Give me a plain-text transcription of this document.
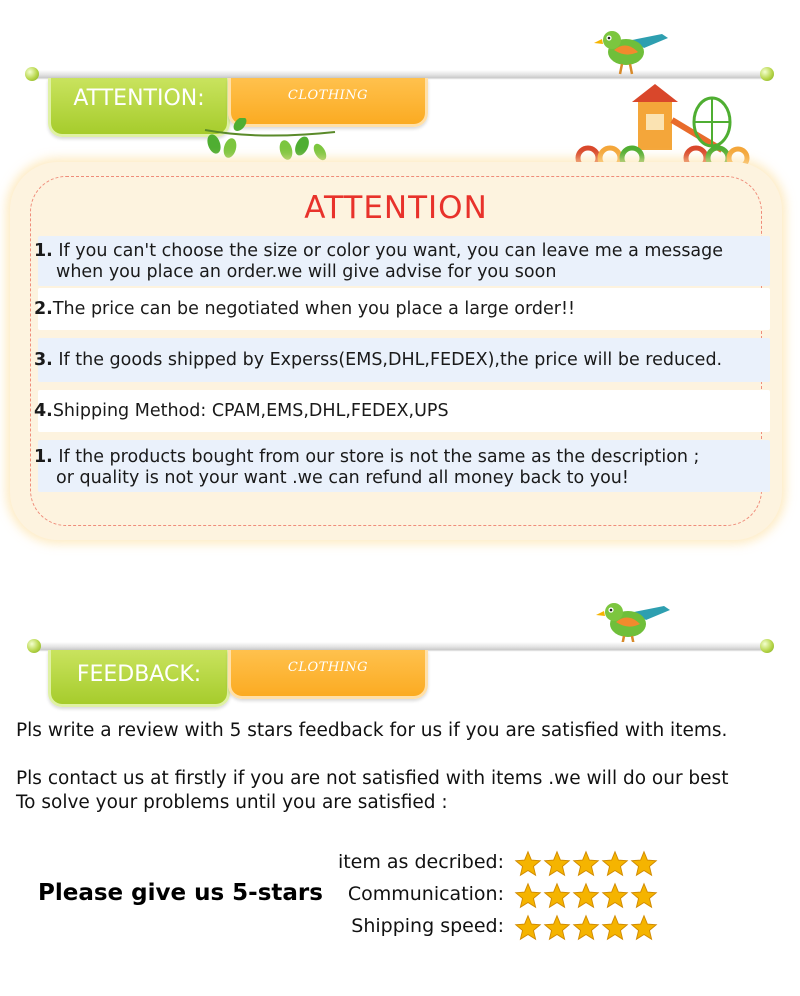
ATTENTION:	CLOTHING
ATTENTION
1. If you can't choose the size or color you want, you can leave me a message
when you place an order.we will give advise for you soon
2.The price can be negotiated when you place a large order!!
3. If the goods shipped by Experss(EMS,DHL,FEDEX),the price will be reduced.
4.Shipping Method: CPAM,EMS,DHL,FEDEX,UPS
1. If the products bought from our store is not the same as the description ;
or quality is not your want .we can refund all money back to you!
FEEDBACK:	CLOTHING
Pls write a review with 5 stars feedback for us if you are satisfied with items.
Pls contact us at firstly if you are not satisfied with items .we will do our best
To solve your problems until you are satisfied :
Please give us 5-stars
item as decribed:
Communication:
Shipping speed:
